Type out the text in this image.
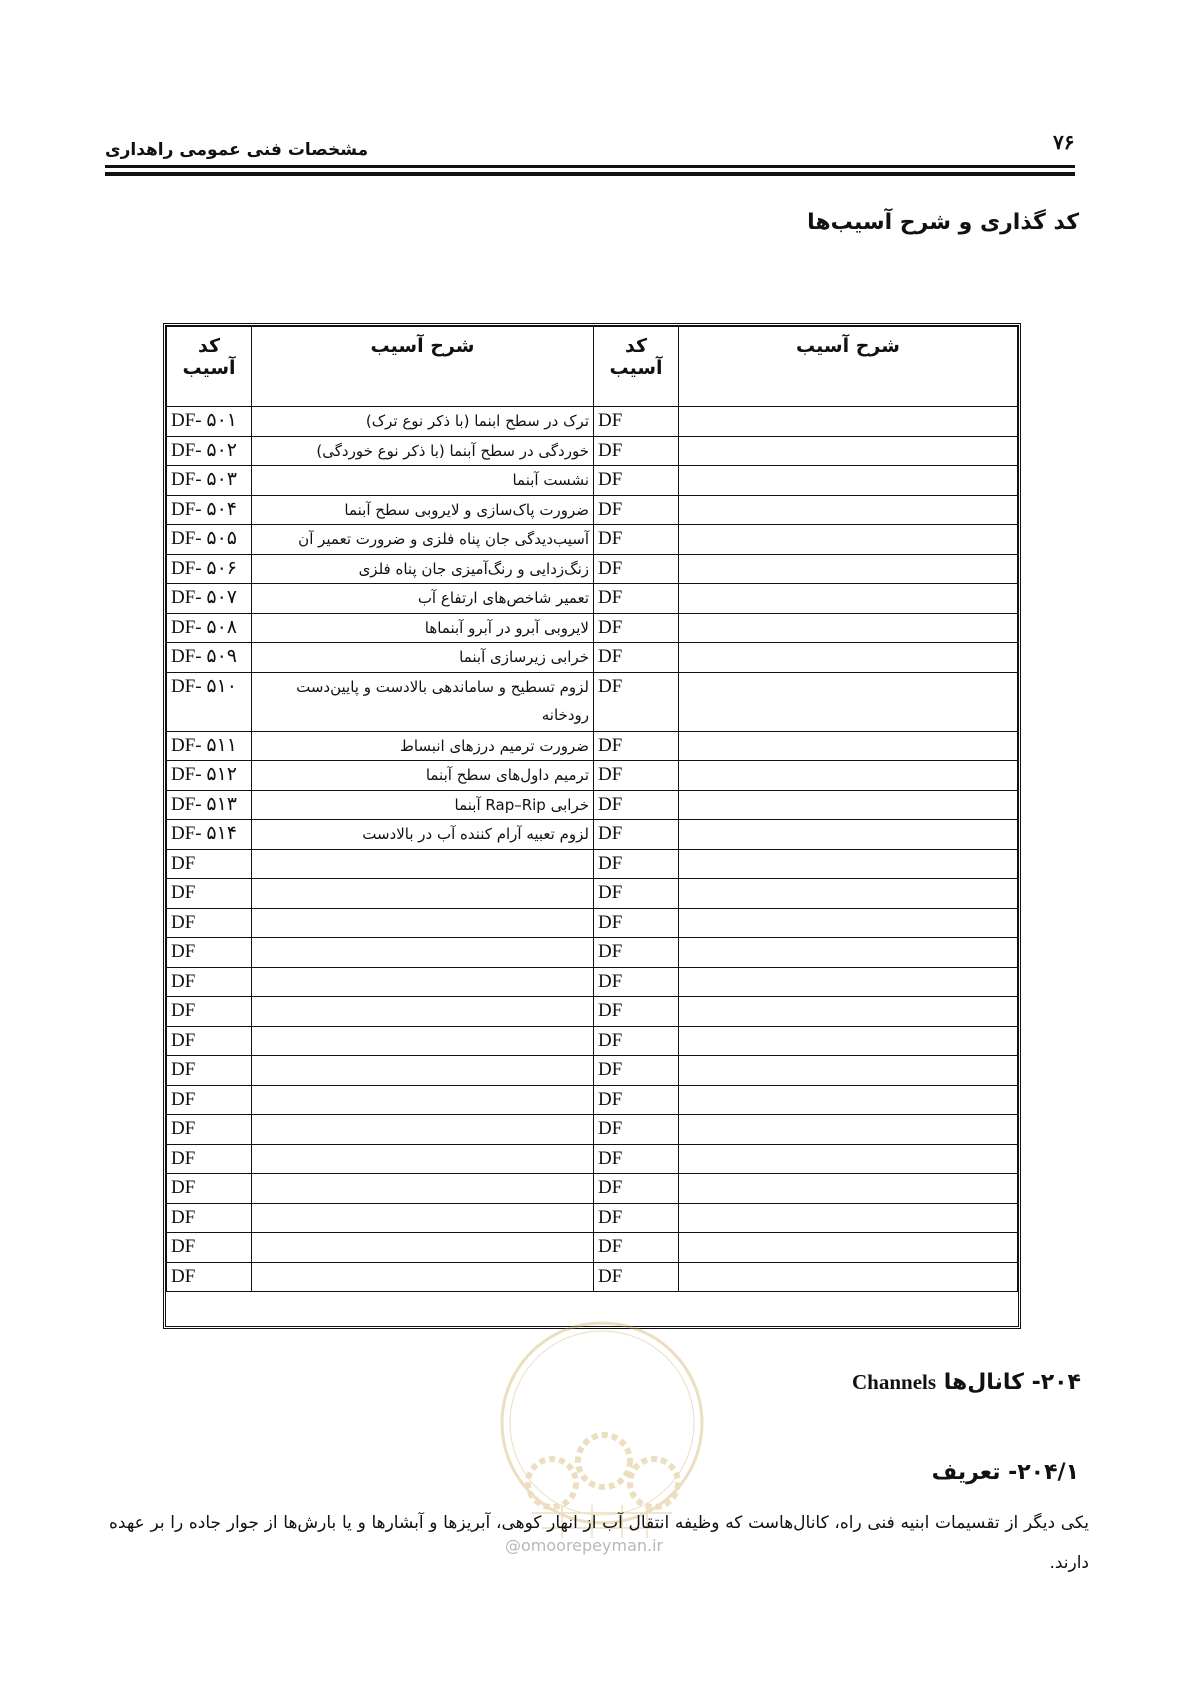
۷۶
مشخصات فنی عمومی راهداری
کد گذاری و شرح آسیب‌ها
کد آسیب	شرح آسیب	کد آسیب	شرح آسیب
DF- ۵۰۱	ترک در سطح ابنما (با ذکر نوع ترک)	DF	
DF- ۵۰۲	خوردگی در سطح آبنما (با ذکر نوع خوردگی)	DF	
DF- ۵۰۳	نشست آبنما	DF	
DF- ۵۰۴	ضرورت پاک‌سازی و لایروبی سطح آبنما	DF	
DF- ۵۰۵	آسیب‌دیدگی جان پناه فلزی و ضرورت تعمیر آن	DF	
DF- ۵۰۶	زنگ‌زدایی و رنگ‌آمیزی جان پناه فلزی	DF	
DF- ۵۰۷	تعمیر شاخص‌های ارتفاع آب	DF	
DF- ۵۰۸	لایروبی آبرو در آبرو آبنماها	DF	
DF- ۵۰۹	خرابی زیرسازی آبنما	DF	
DF- ۵۱۰	لزوم تسطیح و ساماندهی بالادست و پایین‌دست رودخانه	DF	
DF- ۵۱۱	ضرورت ترمیم درزهای انبساط	DF	
DF- ۵۱۲	ترمیم داول‌های سطح آبنما	DF	
DF- ۵۱۳	خرابی Rap–Rip آبنما	DF	
DF- ۵۱۴	لزوم تعبیه آرام کننده آب در بالادست	DF	
DF		DF	
DF		DF	
DF		DF	
DF		DF	
DF		DF	
DF		DF	
DF		DF	
DF		DF	
DF		DF	
DF		DF	
DF		DF	
DF		DF	
DF		DF	
DF		DF	
DF		DF	
@omoorepeyman.ir
۲۰۴- کانال‌ها Channels
۲۰۴/۱- تعریف
یکی دیگر از تقسیمات ابنیه فنی راه، کانال‌هاست که وظیفه انتقال آب از انهار کوهی، آبریزها و آبشارها و یا بارش‌ها از جوار جاده را بر عهده دارند.
